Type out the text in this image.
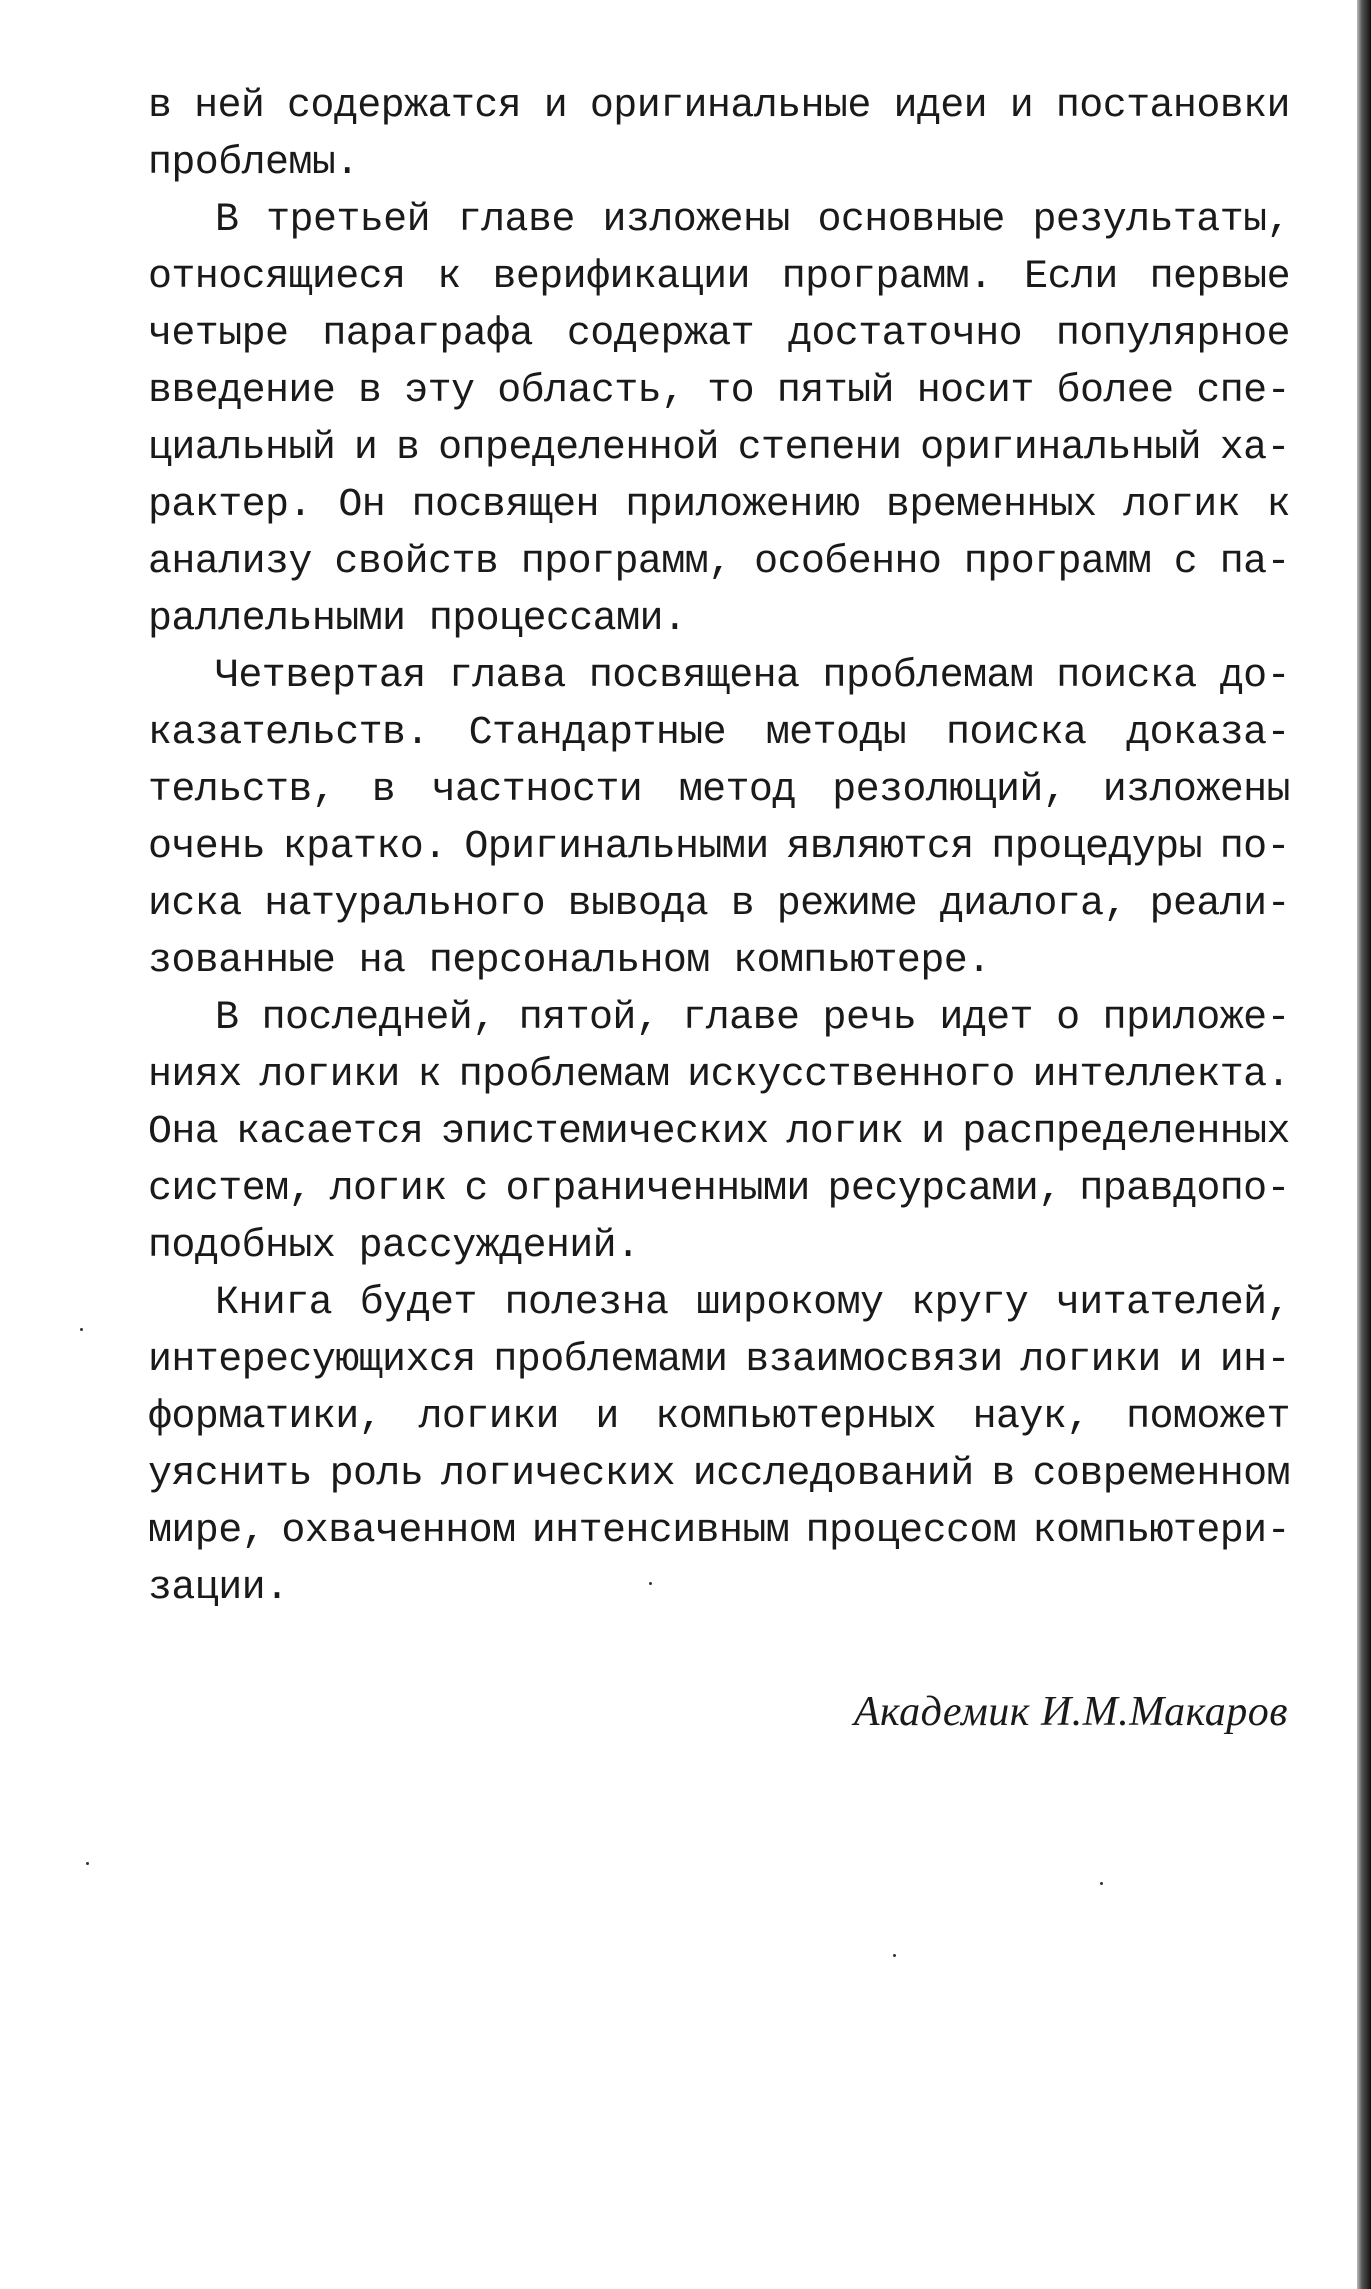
в ней содержатся и оригинальные идеи и постановки
проблемы.
В третьей главе изложены основные результаты,
относящиеся к верификации программ. Если первые
четыре параграфа содержат достаточно популярное
введение в эту область, то пятый носит более спе-
циальный и в определенной степени оригинальный ха-
рактер. Он посвящен приложению временных логик к
анализу свойств программ, особенно программ с па-
раллельными процессами.
Четвертая глава посвящена проблемам поиска до-
казательств. Стандартные методы поиска доказа-
тельств, в частности метод резолюций, изложены
очень кратко. Оригинальными являются процедуры по-
иска натурального вывода в режиме диалога, реали-
зованные на персональном компьютере.
В последней, пятой, главе речь идет о приложе-
ниях логики к проблемам искусственного интеллекта.
Она касается эпистемических логик и распределенных
систем, логик с ограниченными ресурсами, правдопо-
подобных рассуждений.
Книга будет полезна широкому кругу читателей,
интересующихся проблемами взаимосвязи логики и ин-
форматики, логики и компьютерных наук, поможет
уяснить роль логических исследований в современном
мире, охваченном интенсивным процессом компьютери-
зации.
Академик И.М.Макаров
